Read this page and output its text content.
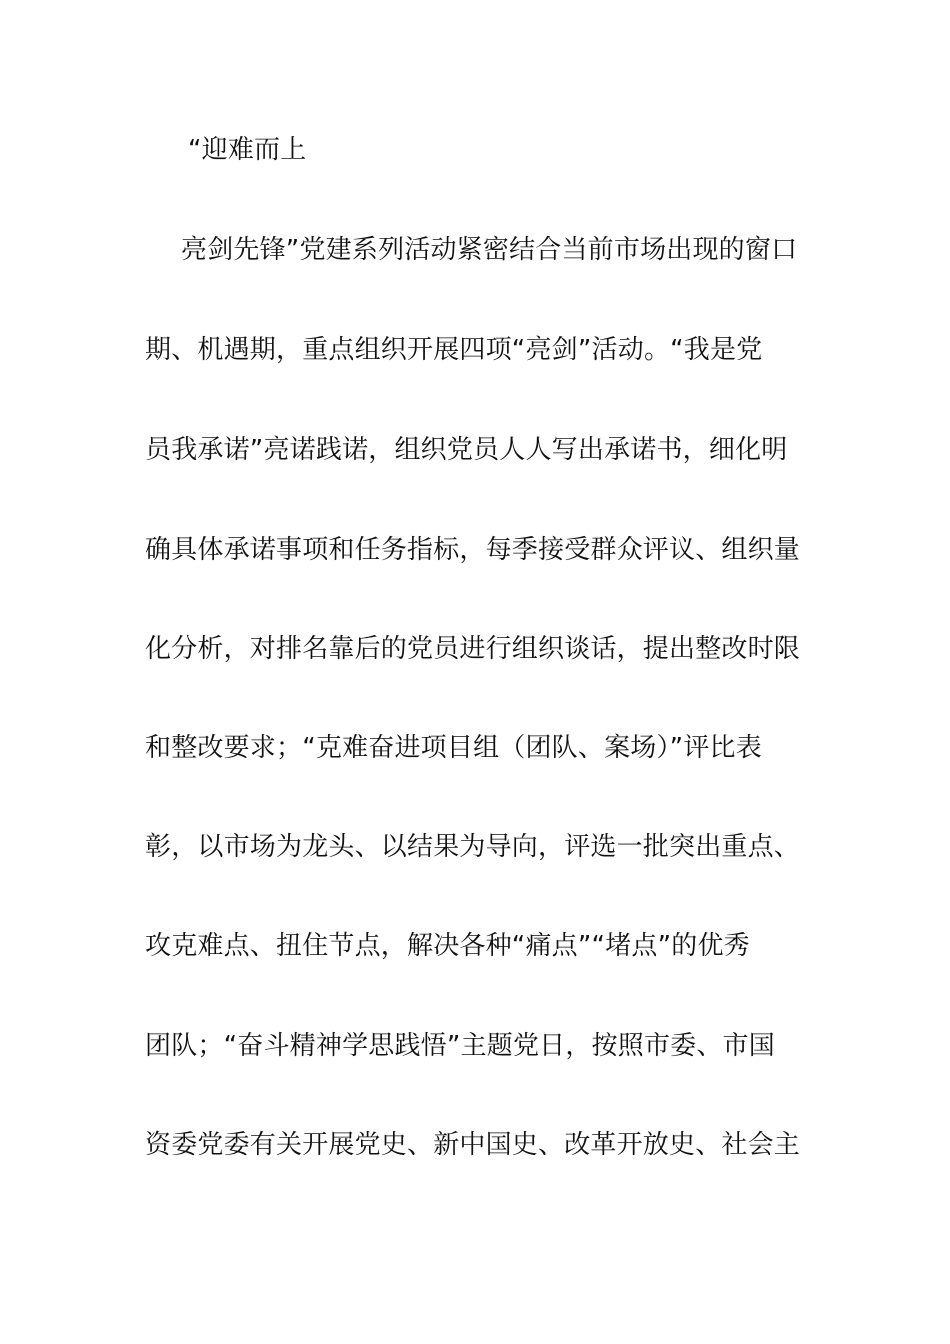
“迎难而上
亮剑先锋”党建系列活动紧密结合当前市场出现的窗口
期、机遇期，重点组织开展四项“亮剑”活动。“我是党
员我承诺”亮诺践诺，组织党员人人写出承诺书，细化明
确具体承诺事项和任务指标，每季接受群众评议、组织量
化分析，对排名靠后的党员进行组织谈话，提出整改时限
和整改要求；“克难奋进项目组（团队、案场）”评比表
彰，以市场为龙头、以结果为导向，评选一批突出重点、
攻克难点、扭住节点，解决各种“痛点”“堵点”的优秀
团队；“奋斗精神学思践悟”主题党日，按照市委、市国
资委党委有关开展党史、新中国史、改革开放史、社会主
